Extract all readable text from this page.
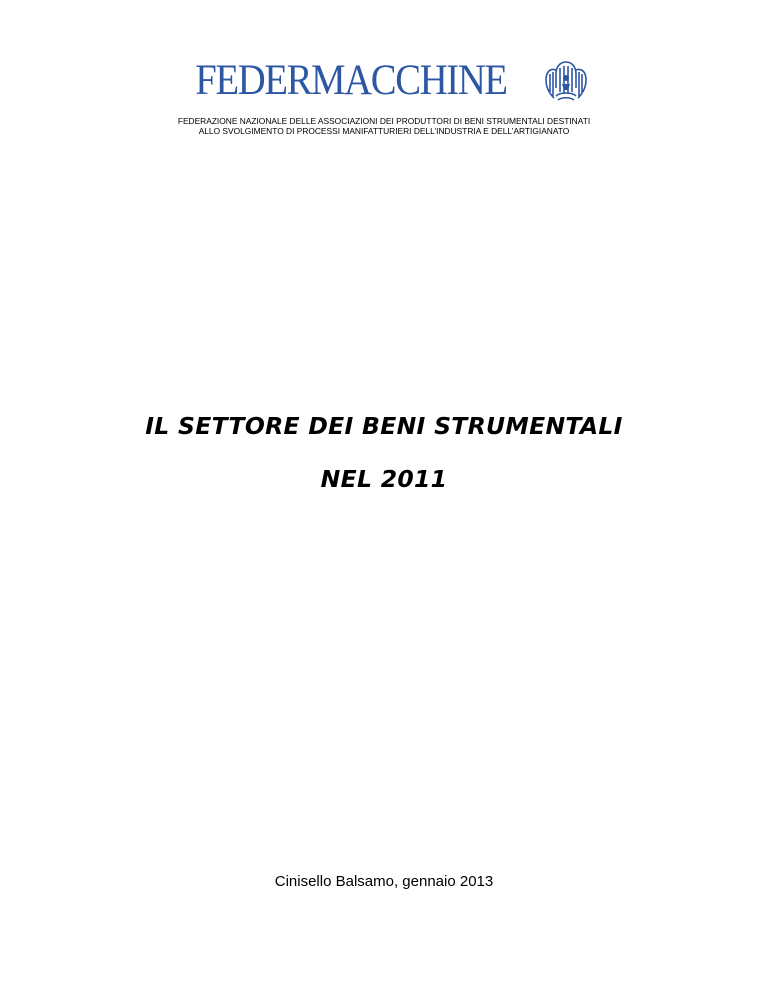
FEDERMACCHINE
FEDERAZIONE NAZIONALE DELLE ASSOCIAZIONI DEI PRODUTTORI DI BENI STRUMENTALI DESTINATI
ALLO SVOLGIMENTO DI PROCESSI MANIFATTURIERI DELL’INDUSTRIA E DELL’ARTIGIANATO
IL SETTORE DEI BENI STRUMENTALI
NEL 2011
Cinisello Balsamo, gennaio 2013
